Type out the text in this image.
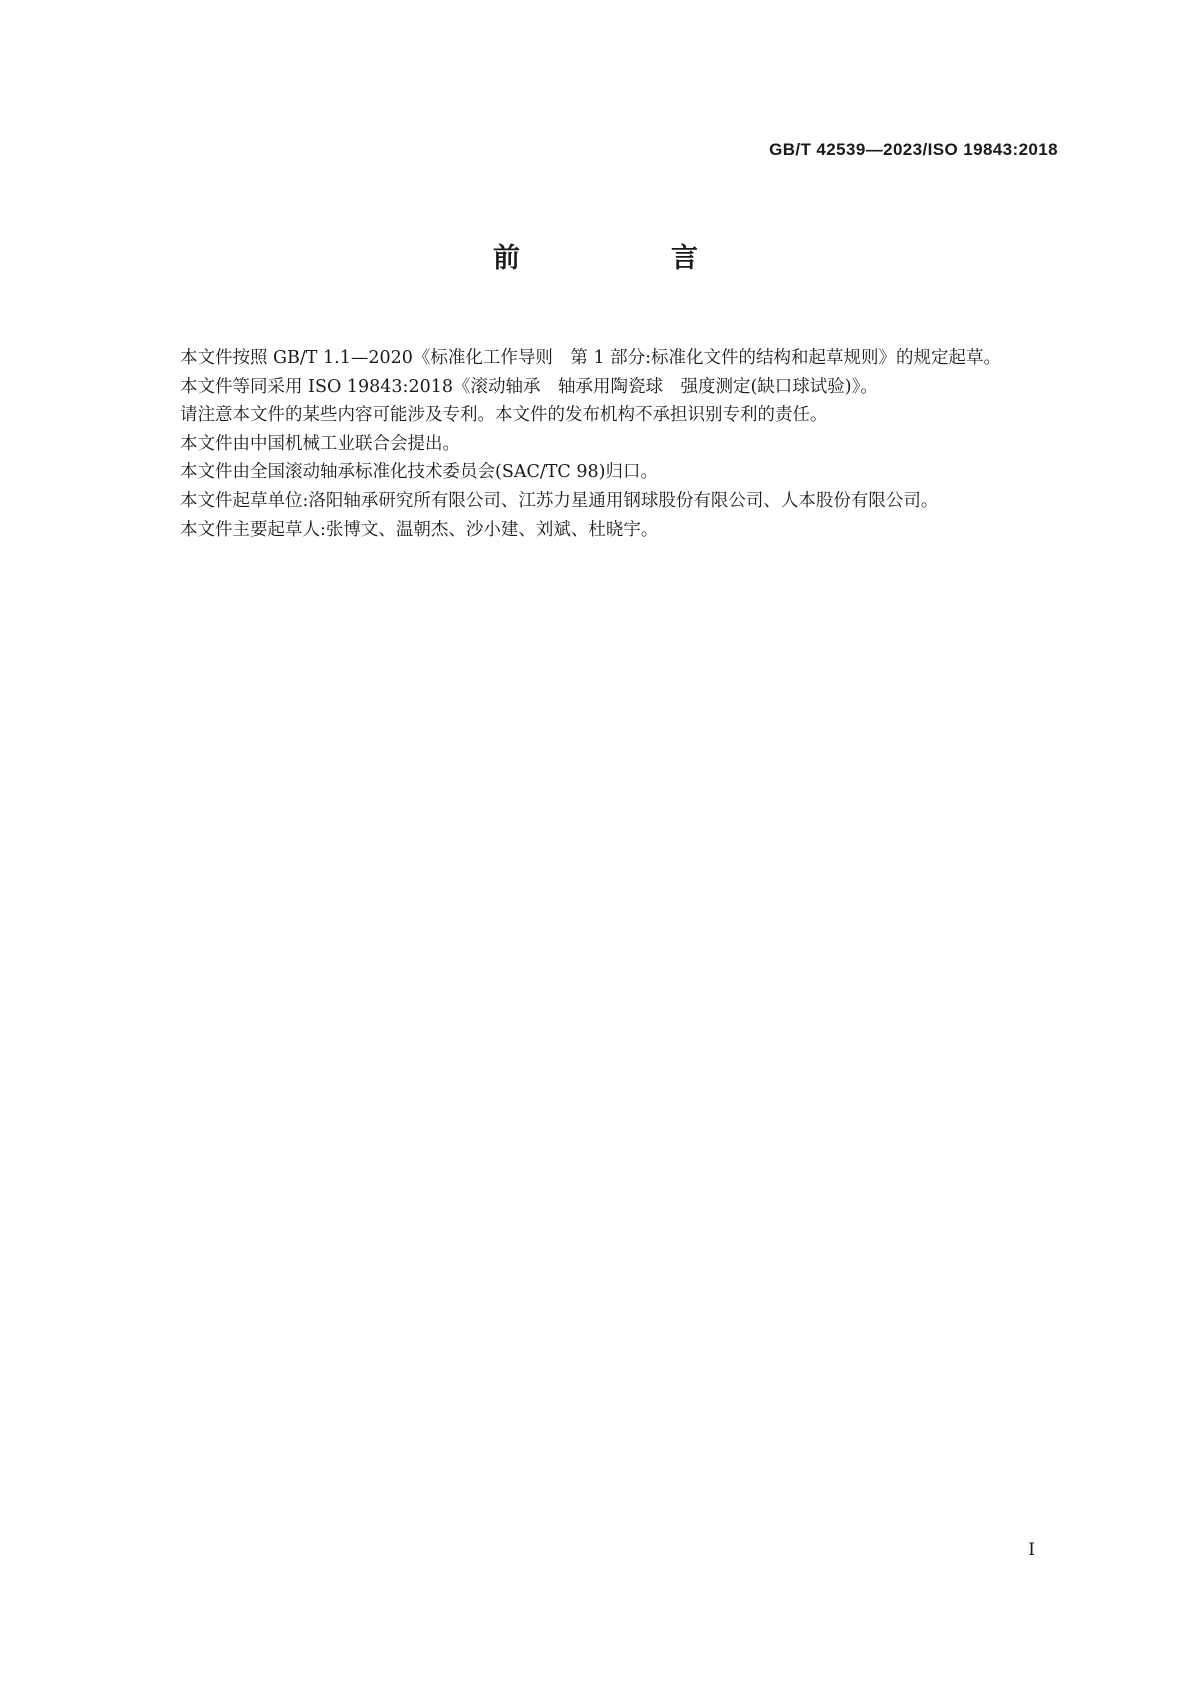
GB/T 42539—2023/ISO 19843:2018
前　言

本文件按照 GB/T 1.1—2020《标准化工作导则　第 1 部分:标准化文件的结构和起草规则》的规定起草。

本文件等同采用 ISO 19843:2018《滚动轴承　轴承用陶瓷球　强度测定(缺口球试验)》。

请注意本文件的某些内容可能涉及专利。本文件的发布机构不承担识别专利的责任。

本文件由中国机械工业联合会提出。

本文件由全国滚动轴承标准化技术委员会(SAC/TC 98)归口。

本文件起草单位:洛阳轴承研究所有限公司、江苏力星通用钢球股份有限公司、人本股份有限公司。

本文件主要起草人:张博文、温朝杰、沙小建、刘斌、杜晓宇。

I
